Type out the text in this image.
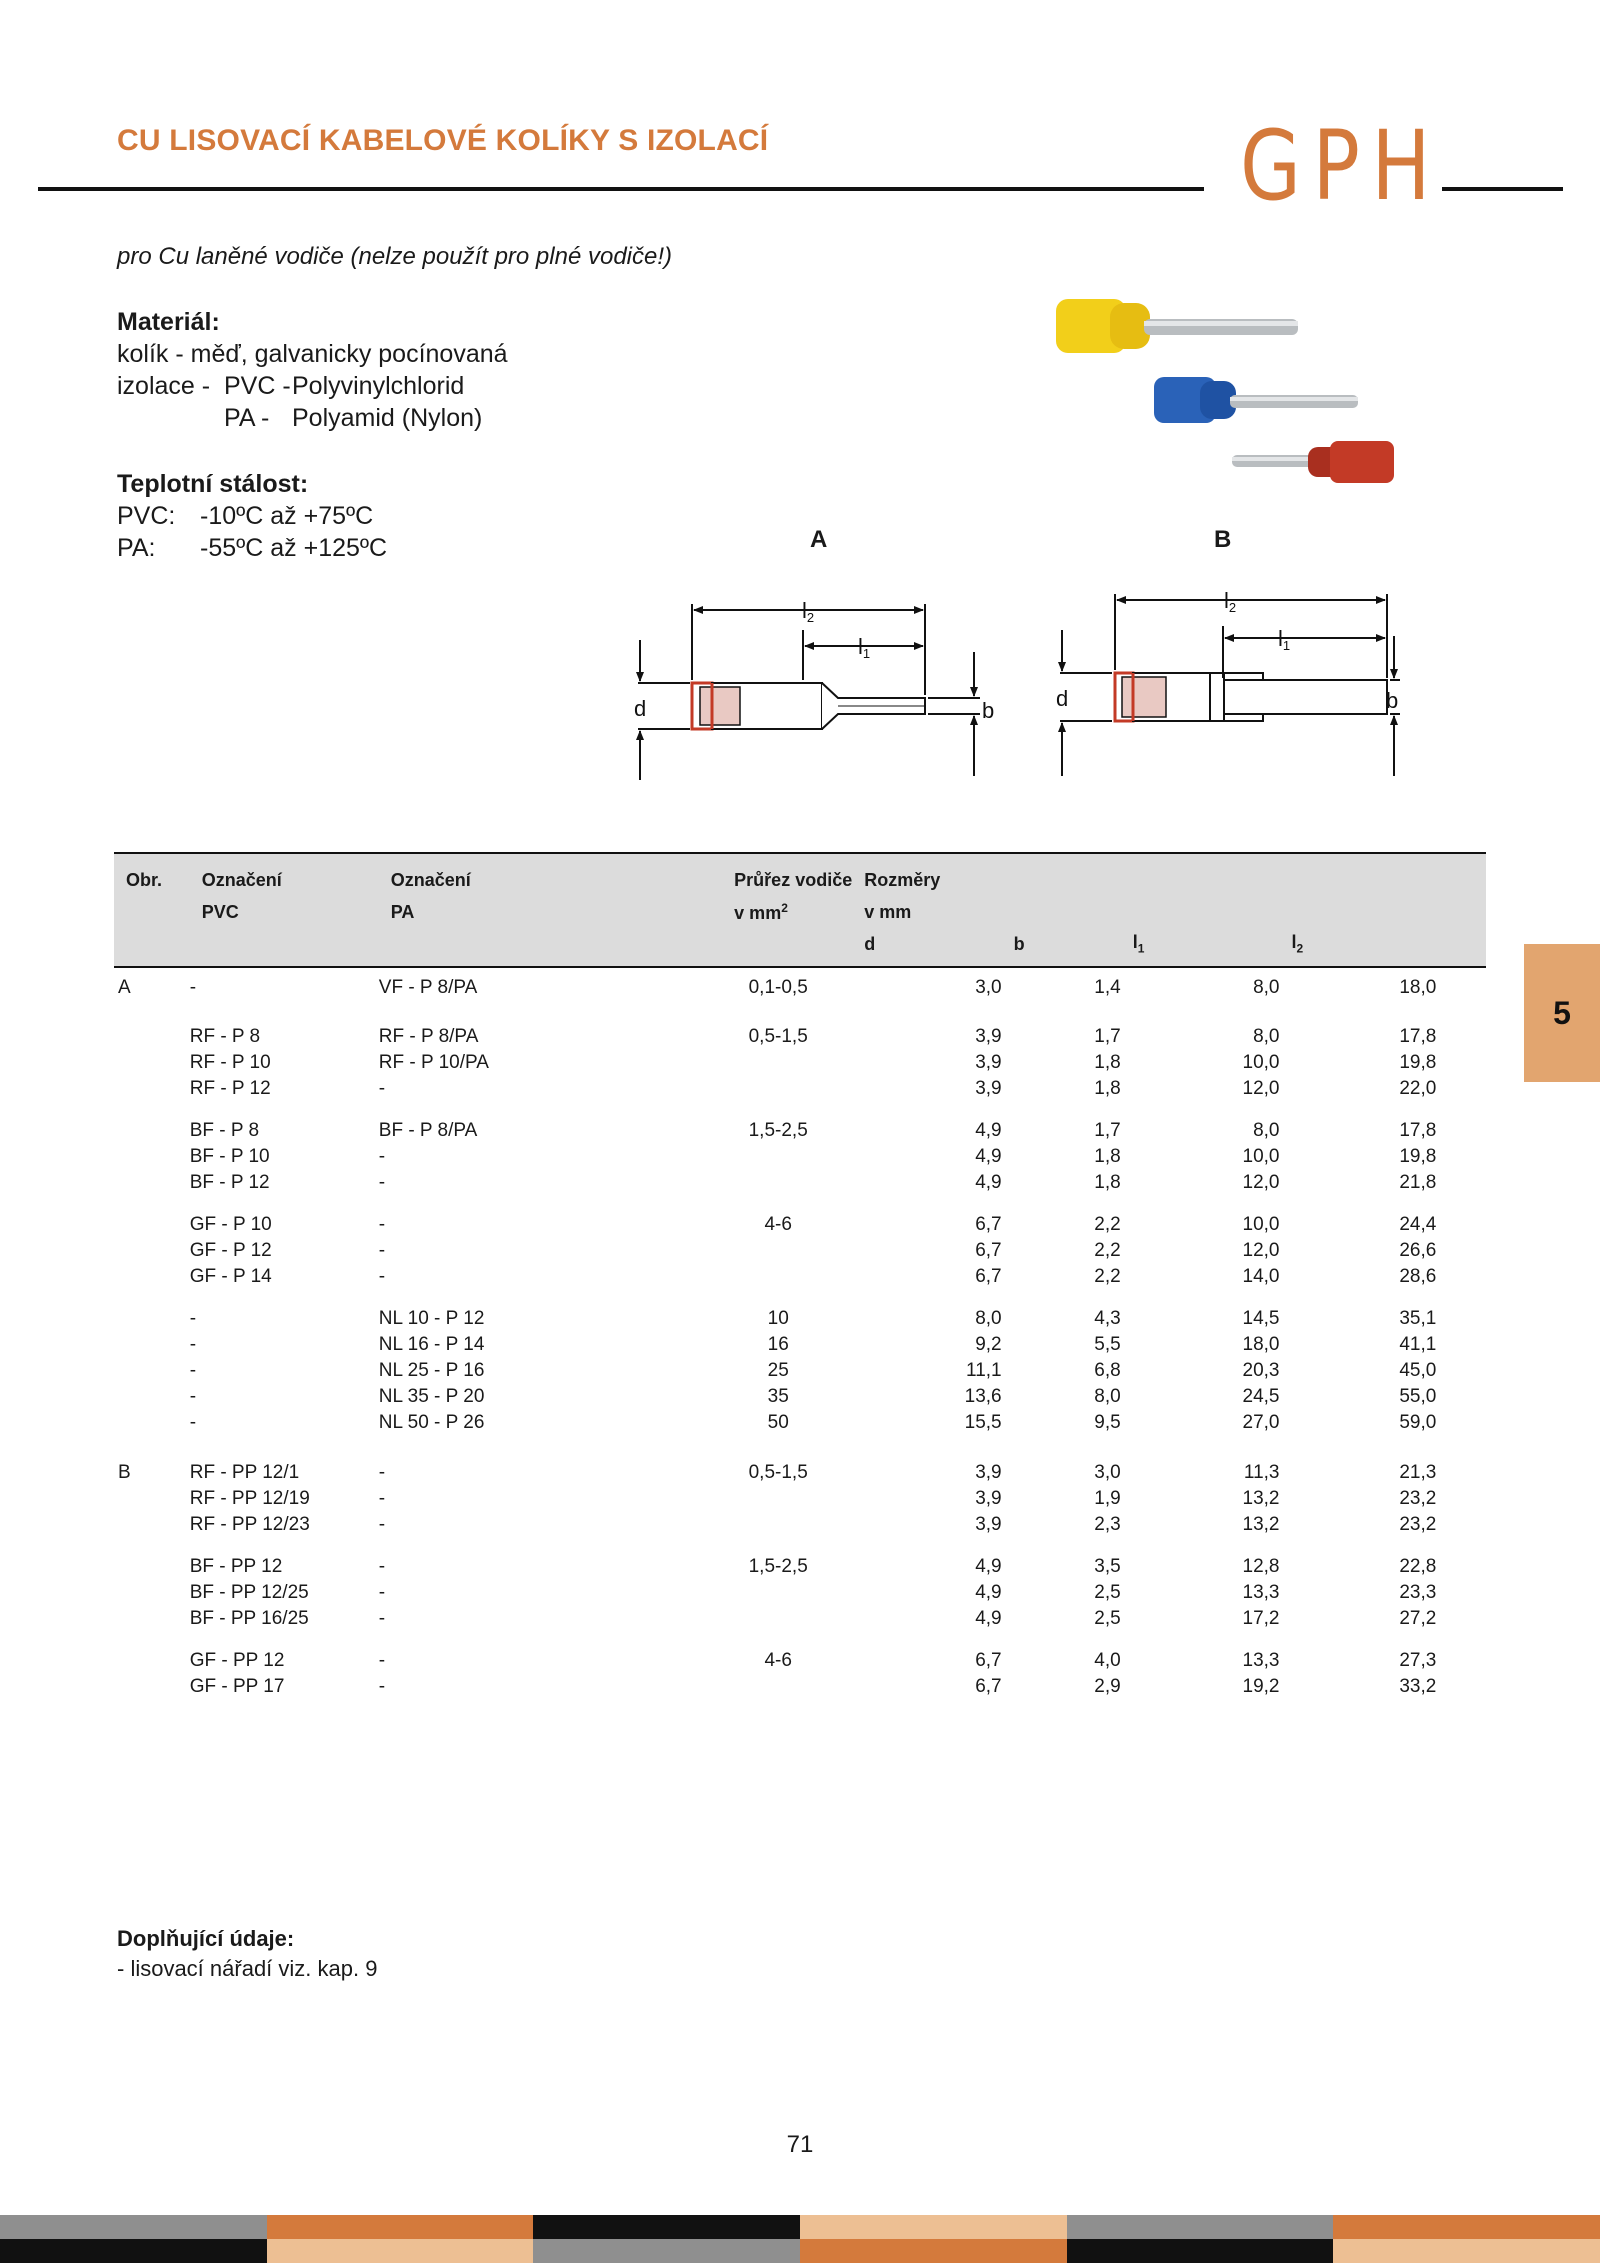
CU LISOVACÍ KABELOVÉ KOLÍKY S IZOLACÍ	GPH
5
pro Cu laněné vodiče (nelze použít pro plné vodiče!)
Materiál:
kolík - měď, galvanicky pocínovaná
izolace - PVC - Polyvinylchlorid
PA - Polyamid (Nylon)
Teplotní stálost:
PVC: -10ºC až +75ºC
PA: -55ºC až +125ºC	A	B
l2
l1
d	b
l2
l1
d	b
Obr.	Označení	Označení	Průřez vodiče	Rozměry				
	PVC	PA	v $mm^2$	v mm				
				d	b	$l_1$	$l_2$	
A	-	VF - P 8/PA	0,1-0,5	3,0	1,4	8,0	18,0	

	RF - P 8	RF - P 8/PA	0,5-1,5	3,9	1,7	8,0	17,8	
	RF - P 10	RF - P 10/PA		3,9	1,8	10,0	19,8	
	RF - P 12	-		3,9	1,8	12,0	22,0	

	BF - P 8	BF - P 8/PA	1,5-2,5	4,9	1,7	8,0	17,8	
	BF - P 10	-		4,9	1,8	10,0	19,8	
	BF - P 12	-		4,9	1,8	12,0	21,8	

	GF - P 10	-	4-6	6,7	2,2	10,0	24,4	
	GF - P 12	-		6,7	2,2	12,0	26,6	
	GF - P 14	-		6,7	2,2	14,0	28,6	

	-	NL 10 - P 12	10	8,0	4,3	14,5	35,1	
	-	NL 16 - P 14	16	9,2	5,5	18,0	41,1	
	-	NL 25 - P 16	25	11,1	6,8	20,3	45,0	
	-	NL 35 - P 20	35	13,6	8,0	24,5	55,0	
	-	NL 50 - P 26	50	15,5	9,5	27,0	59,0	

B	RF - PP 12/1	-	0,5-1,5	3,9	3,0	11,3	21,3	
	RF - PP 12/19	-		3,9	1,9	13,2	23,2	
	RF - PP 12/23	-		3,9	2,3	13,2	23,2	

	BF - PP 12	-	1,5-2,5	4,9	3,5	12,8	22,8	
	BF - PP 12/25	-		4,9	2,5	13,3	23,3	
	BF - PP 16/25	-		4,9	2,5	17,2	27,2	

	GF - PP 12	-	4-6	6,7	4,0	13,3	27,3	
	GF - PP 17	-		6,7	2,9	19,2	33,2	
Doplňující údaje:
- lisovací nářadí viz. kap. 9
71
